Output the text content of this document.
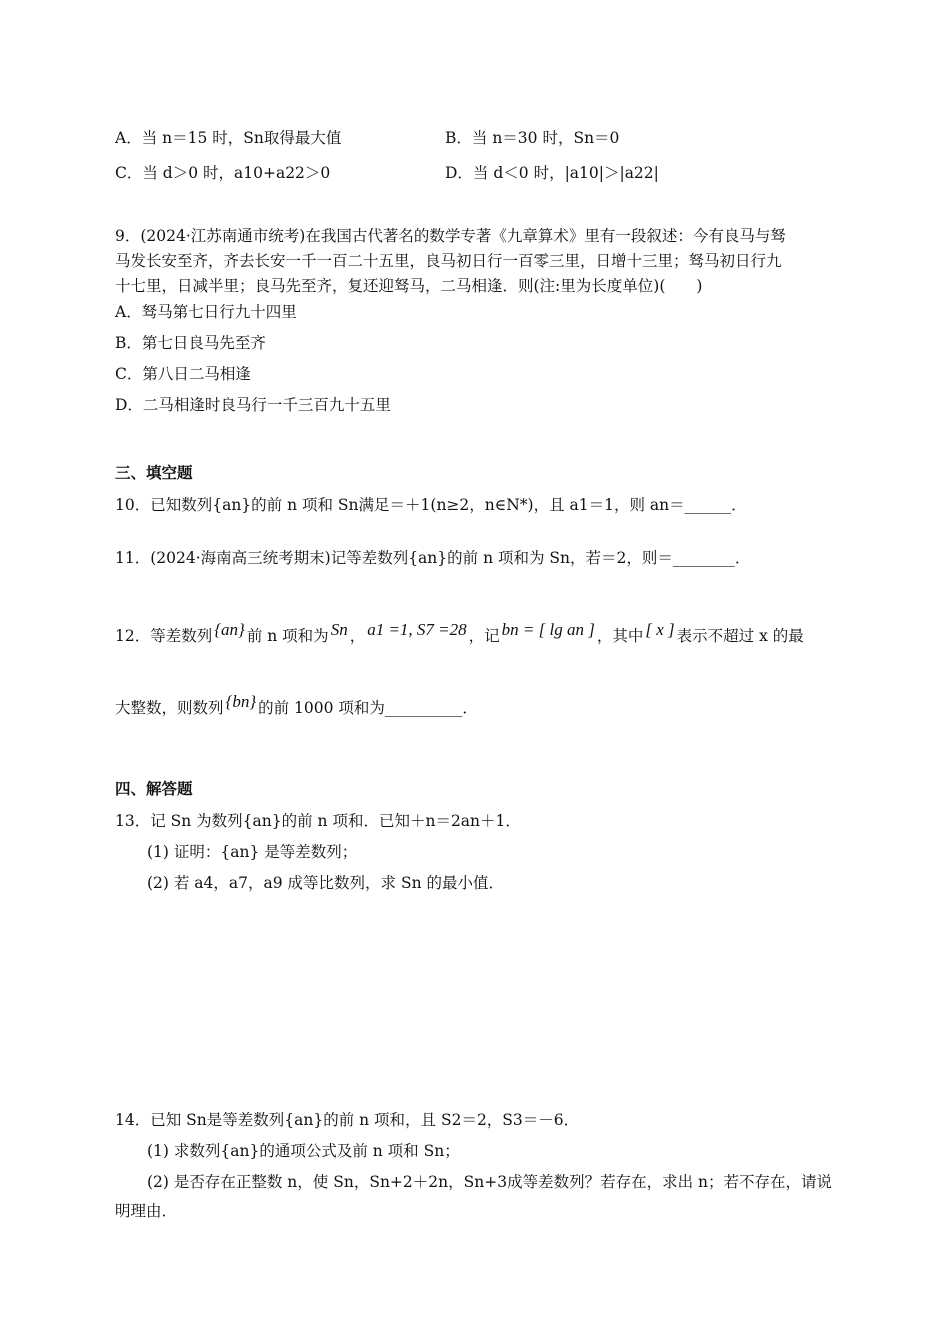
A．当 n＝15 时，Sn取得最大值	B．当 n＝30 时，Sn＝0
C．当 d＞0 时，a10+a22＞0	D．当 d＜0 时，|a10|＞|a22|
9．(2024·江苏南通市统考)在我国古代著名的数学专著《九章算术》里有一段叙述：今有良马与驽
马发长安至齐，齐去长安一千一百二十五里，良马初日行一百零三里，日增十三里；驽马初日行九
十七里，日减半里；良马先至齐，复还迎驽马，二马相逢．则(注:里为长度单位)(　　)
A．驽马第七日行九十四里
B．第七日良马先至齐
C．第八日二马相逢
D．二马相逢时良马行一千三百九十五里
三、填空题
10．已知数列{an}的前 n 项和 Sn满足＝＋1(n≥2，n∈N*)，且 a1＝1，则 an＝______．
11．(2024·海南高三统考期末)记等差数列{an}的前 n 项和为 Sn，若＝2，则＝________．
12．等差数列 {an} 前 n 项和为 Sn ， a1 =1, S7 =28 ，记 bn = [ lg an ] ，其中 [ x ] 表示不超过 x 的最
大整数，则数列 {bn} 的前 1000 项和为__________．
四、解答题
13．记 Sn 为数列{an}的前 n 项和．已知＋n＝2an＋1．
(1) 证明：{an} 是等差数列；
(2) 若 a4，a7，a9 成等比数列，求 Sn 的最小值．
14．已知 Sn是等差数列{an}的前 n 项和，且 S2＝2，S3＝－6．
(1) 求数列{an}的通项公式及前 n 项和 Sn；
(2) 是否存在正整数 n，使 Sn，Sn+2＋2n，Sn+3成等差数列？若存在，求出 n；若不存在，请说
明理由．
